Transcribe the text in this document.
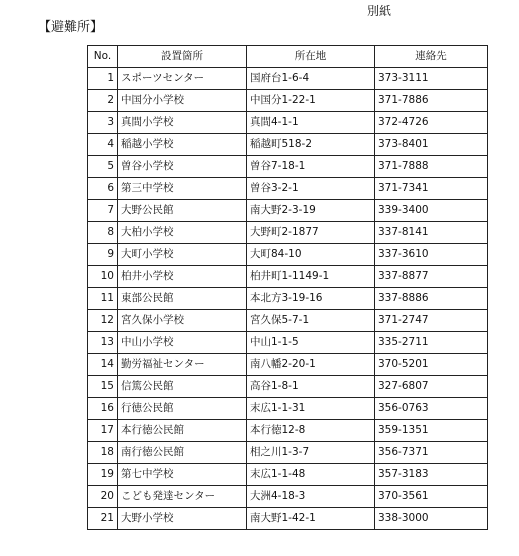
別紙
【避難所】
No.	設置箇所	所在地	連絡先
1	スポーツセンター	国府台1-6-4	373-3111
2	中国分小学校	中国分1-22-1	371-7886
3	真間小学校	真間4-1-1	372-4726
4	稲越小学校	稲越町518-2	373-8401
5	曽谷小学校	曽谷7-18-1	371-7888
6	第三中学校	曽谷3-2-1	371-7341
7	大野公民館	南大野2-3-19	339-3400
8	大柏小学校	大野町2-1877	337-8141
9	大町小学校	大町84-10	337-3610
10	柏井小学校	柏井町1-1149-1	337-8877
11	東部公民館	本北方3-19-16	337-8886
12	宮久保小学校	宮久保5-7-1	371-2747
13	中山小学校	中山1-1-5	335-2711
14	勤労福祉センター	南八幡2-20-1	370-5201
15	信篤公民館	高谷1-8-1	327-6807
16	行徳公民館	末広1-1-31	356-0763
17	本行徳公民館	本行徳12-8	359-1351
18	南行徳公民館	相之川1-3-7	356-7371
19	第七中学校	末広1-1-48	357-3183
20	こども発達センター	大洲4-18-3	370-3561
21	大野小学校	南大野1-42-1	338-3000
